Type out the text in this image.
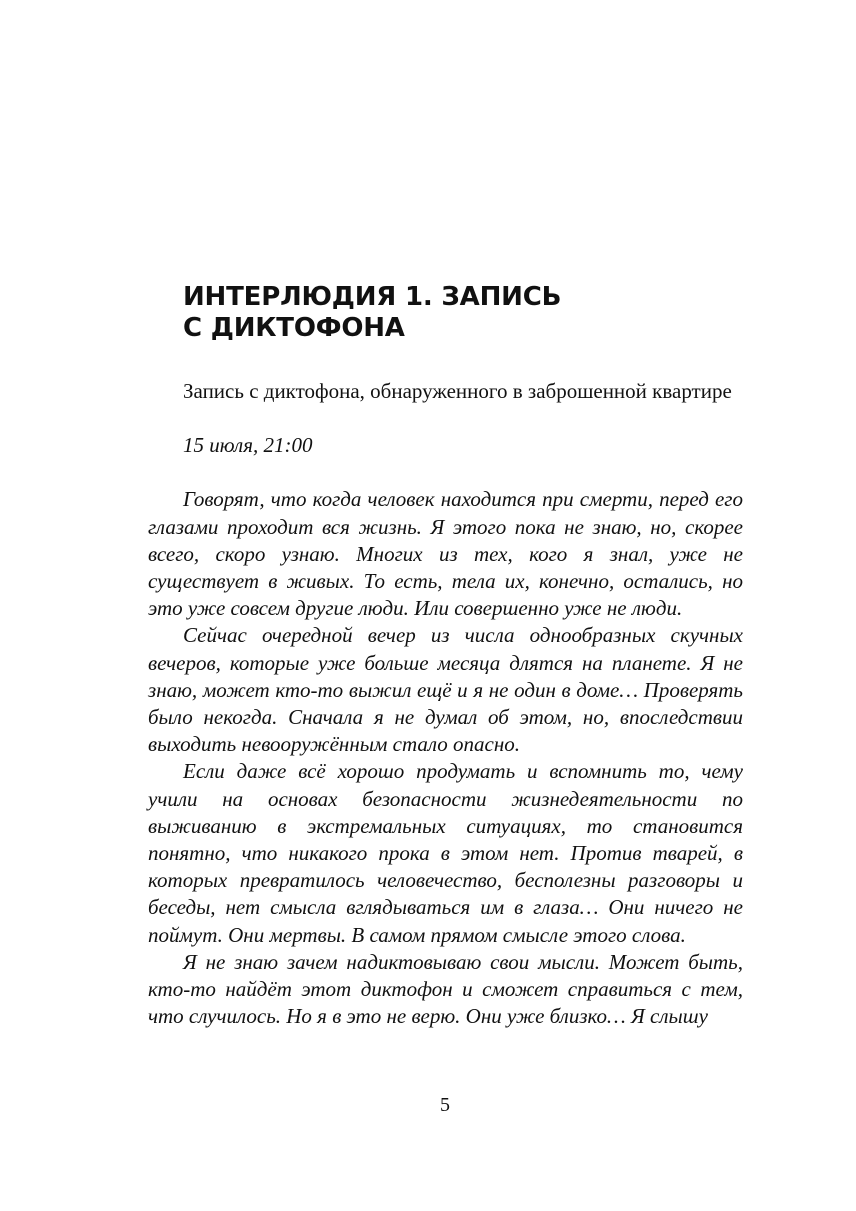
ИНТЕРЛЮДИЯ 1. ЗАПИСЬ
С ДИКТОФОНА

Запись с диктофона, обнаруженного в заброшенной квартире

15 июля, 21:00

Говорят, что когда человек находится при смерти, перед его глазами проходит вся жизнь. Я этого пока не знаю, но, скорее всего, скоро узнаю. Многих из тех, кого я знал, уже не существует в живых. То есть, тела их, конечно, остались, но это уже совсем другие люди. Или совершенно уже не люди.

Сейчас очередной вечер из числа однообразных скучных вечеров, которые уже больше месяца длятся на планете. Я не знаю, может кто-то выжил ещё и я не один в доме… Проверять было некогда. Сначала я не думал об этом, но, впоследствии выходить невооружённым стало опасно.

Если даже всё хорошо продумать и вспомнить то, чему учили на основах безопасности жизнедеятельности по выживанию в экстремальных ситуациях, то становится понятно, что никакого прока в этом нет. Против тварей, в которых превратилось человечество, бесполезны разговоры и беседы, нет смысла вглядываться им в глаза… Они ничего не поймут. Они мертвы. В самом прямом смысле этого слова.

Я не знаю зачем надиктовываю свои мысли. Может быть, кто-то найдёт этот диктофон и сможет справиться с тем, что случилось. Но я в это не верю. Они уже близко… Я слышу

5
